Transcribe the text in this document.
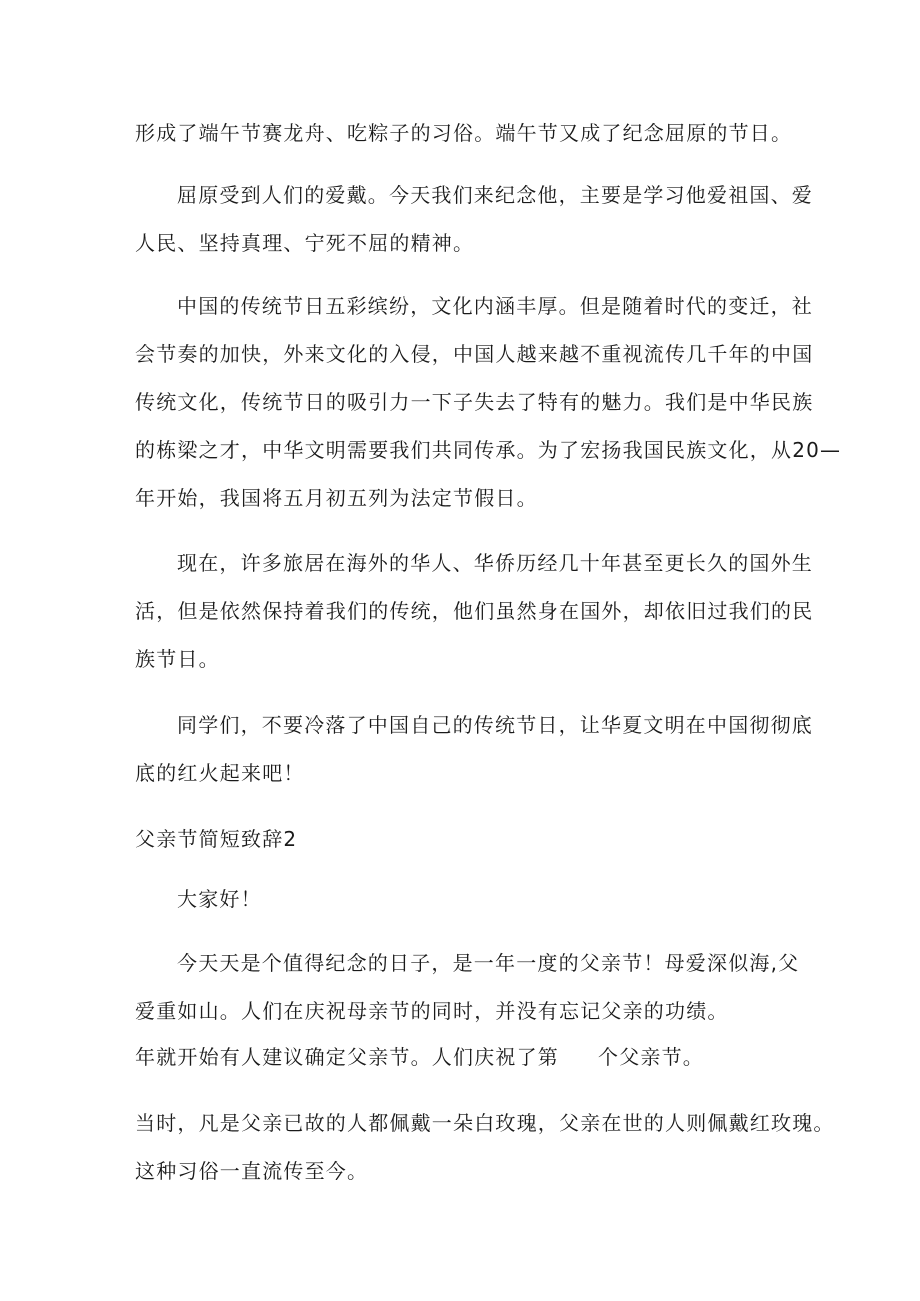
形成了端午节赛龙舟、吃粽子的习俗。端午节又成了纪念屈原的节日。
屈原受到人们的爱戴。今天我们来纪念他，主要是学习他爱祖国、爱
人民、坚持真理、宁死不屈的精神。
中国的传统节日五彩缤纷，文化内涵丰厚。但是随着时代的变迁，社
会节奏的加快，外来文化的入侵，中国人越来越不重视流传几千年的中国
传统文化，传统节日的吸引力一下子失去了特有的魅力。我们是中华民族
的栋梁之才，中华文明需要我们共同传承。为了宏扬我国民族文化，从20—
年开始，我国将五月初五列为法定节假日。
现在，许多旅居在海外的华人、华侨历经几十年甚至更长久的国外生
活，但是依然保持着我们的传统，他们虽然身在国外，却依旧过我们的民
族节日。
同学们，不要冷落了中国自己的传统节日，让华夏文明在中国彻彻底
底的红火起来吧！
父亲节简短致辞2
大家好！
今天天是个值得纪念的日子，是一年一度的父亲节！母爱深似海,父
爱重如山。人们在庆祝母亲节的同时，并没有忘记父亲的功绩。
年就开始有人建议确定父亲节。人们庆祝了第 个父亲节。
当时，凡是父亲已故的人都佩戴一朵白玫瑰，父亲在世的人则佩戴红玫瑰。
这种习俗一直流传至今。
